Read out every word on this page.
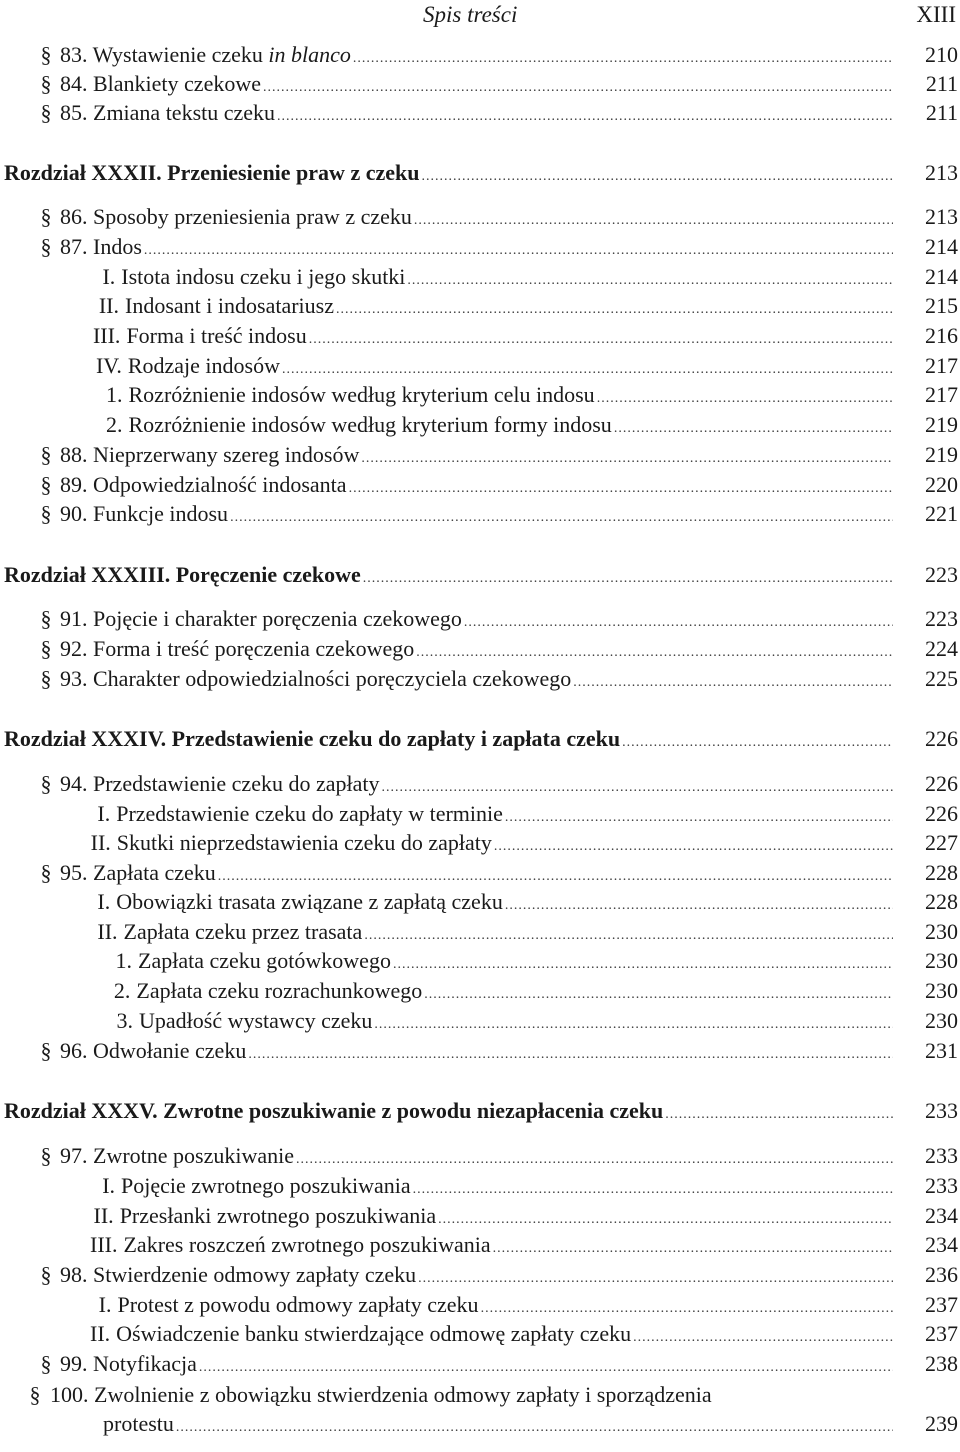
Spis treści	XIII
§ 83. Wystawienie czeku in blanco .....	210
§ 84. Blankiety czekowe .....	211
§ 85. Zmiana tekstu czeku .....	211
Rozdział XXXII. Przeniesienie praw z czeku .....	213
§ 86. Sposoby przeniesienia praw z czeku .....	213
§ 87. Indos .....	214
I. Istota indosu czeku i jego skutki .....	214
II. Indosant i indosatariusz .....	215
III. Forma i treść indosu .....	216
IV. Rodzaje indosów .....	217
1. Rozróżnienie indosów według kryterium celu indosu .....	217
2. Rozróżnienie indosów według kryterium formy indosu .....	219
§ 88. Nieprzerwany szereg indosów .....	219
§ 89. Odpowiedzialność indosanta .....	220
§ 90. Funkcje indosu .....	221
Rozdział XXXIII. Poręczenie czekowe .....	223
§ 91. Pojęcie i charakter poręczenia czekowego .....	223
§ 92. Forma i treść poręczenia czekowego .....	224
§ 93. Charakter odpowiedzialności poręczyciela czekowego .....	225
Rozdział XXXIV. Przedstawienie czeku do zapłaty i zapłata czeku .....	226
§ 94. Przedstawienie czeku do zapłaty .....	226
I. Przedstawienie czeku do zapłaty w terminie .....	226
II. Skutki nieprzedstawienia czeku do zapłaty .....	227
§ 95. Zapłata czeku .....	228
I. Obowiązki trasata związane z zapłatą czeku .....	228
II. Zapłata czeku przez trasata .....	230
1. Zapłata czeku gotówkowego .....	230
2. Zapłata czeku rozrachunkowego .....	230
3. Upadłość wystawcy czeku .....	230
§ 96. Odwołanie czeku .....	231
Rozdział XXXV. Zwrotne poszukiwanie z powodu niezapłacenia czeku .....	233
§ 97. Zwrotne poszukiwanie .....	233
I. Pojęcie zwrotnego poszukiwania .....	233
II. Przesłanki zwrotnego poszukiwania .....	234
III. Zakres roszczeń zwrotnego poszukiwania .....	234
§ 98. Stwierdzenie odmowy zapłaty czeku .....	236
I. Protest z powodu odmowy zapłaty czeku .....	237
II. Oświadczenie banku stwierdzające odmowę zapłaty czeku .....	237
§ 99. Notyfikacja .....	238
§ 100. Zwolnienie z obowiązku stwierdzenia odmowy zapłaty i sporządzenia
protestu .....	239
